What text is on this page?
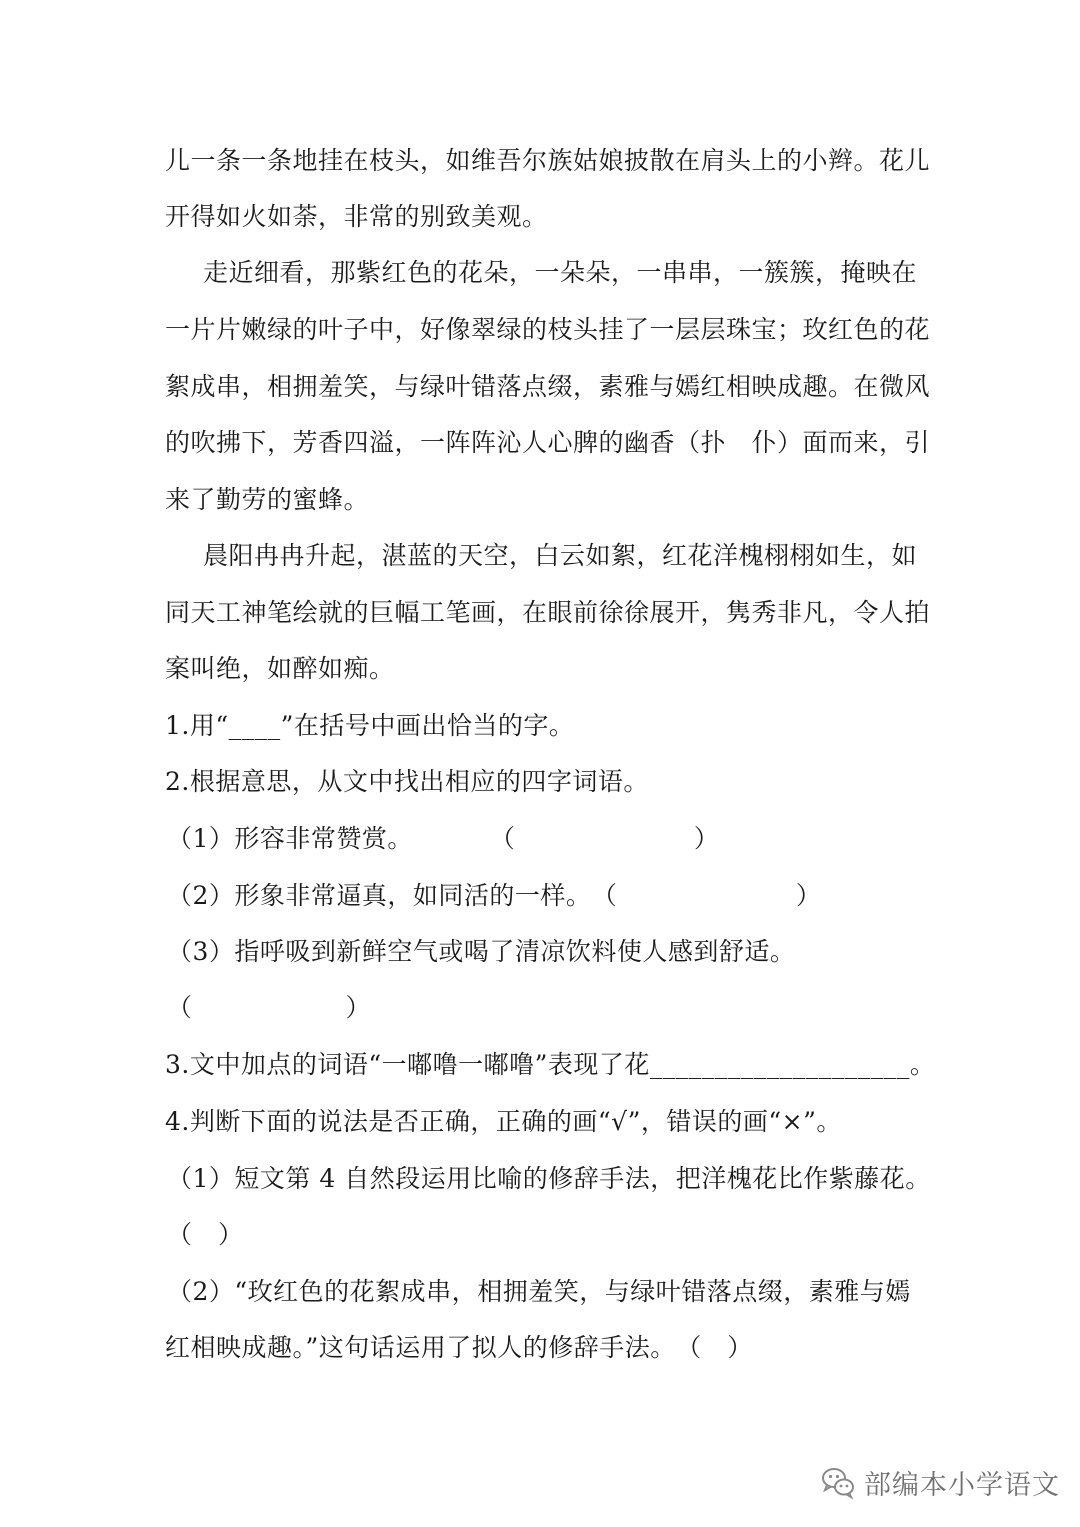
儿一条一条地挂在枝头，如维吾尔族姑娘披散在肩头上的小辫。花儿
开得如火如荼，非常的别致美观。
走近细看，那紫红色的花朵，一朵朵，一串串，一簇簇，掩映在
一片片嫩绿的叶子中，好像翠绿的枝头挂了一层层珠宝；玫红色的花
絮成串，相拥羞笑，与绿叶错落点缀，素雅与嫣红相映成趣。在微风
的吹拂下，芳香四溢，一阵阵沁人心脾的幽香（扑　仆）面而来，引
来了勤劳的蜜蜂。
晨阳冉冉升起，湛蓝的天空，白云如絮，红花洋槐栩栩如生，如
同天工神笔绘就的巨幅工笔画，在眼前徐徐展开，隽秀非凡，令人拍
案叫绝，如醉如痴。
1.用“____”在括号中画出恰当的字。
2.根据意思，从文中找出相应的四字词语。
（1）形容非常赞赏。　　　　（　　　　　　　）
（2）形象非常逼真，如同活的一样。　（　　　　　　　）
（3）指呼吸到新鲜空气或喝了清凉饮料使人感到舒适。
（　　　　　　）
3.文中加点的词语“一嘟噜一嘟噜”表现了花____________________。
4.判断下面的说法是否正确，正确的画“√”，错误的画“×”。
（1）短文第 4 自然段运用比喻的修辞手法，把洋槐花比作紫藤花。
（　）
（2）“玫红色的花絮成串，相拥羞笑，与绿叶错落点缀，素雅与嫣
红相映成趣。”这句话运用了拟人的修辞手法。　（　）
部编本小学语文
